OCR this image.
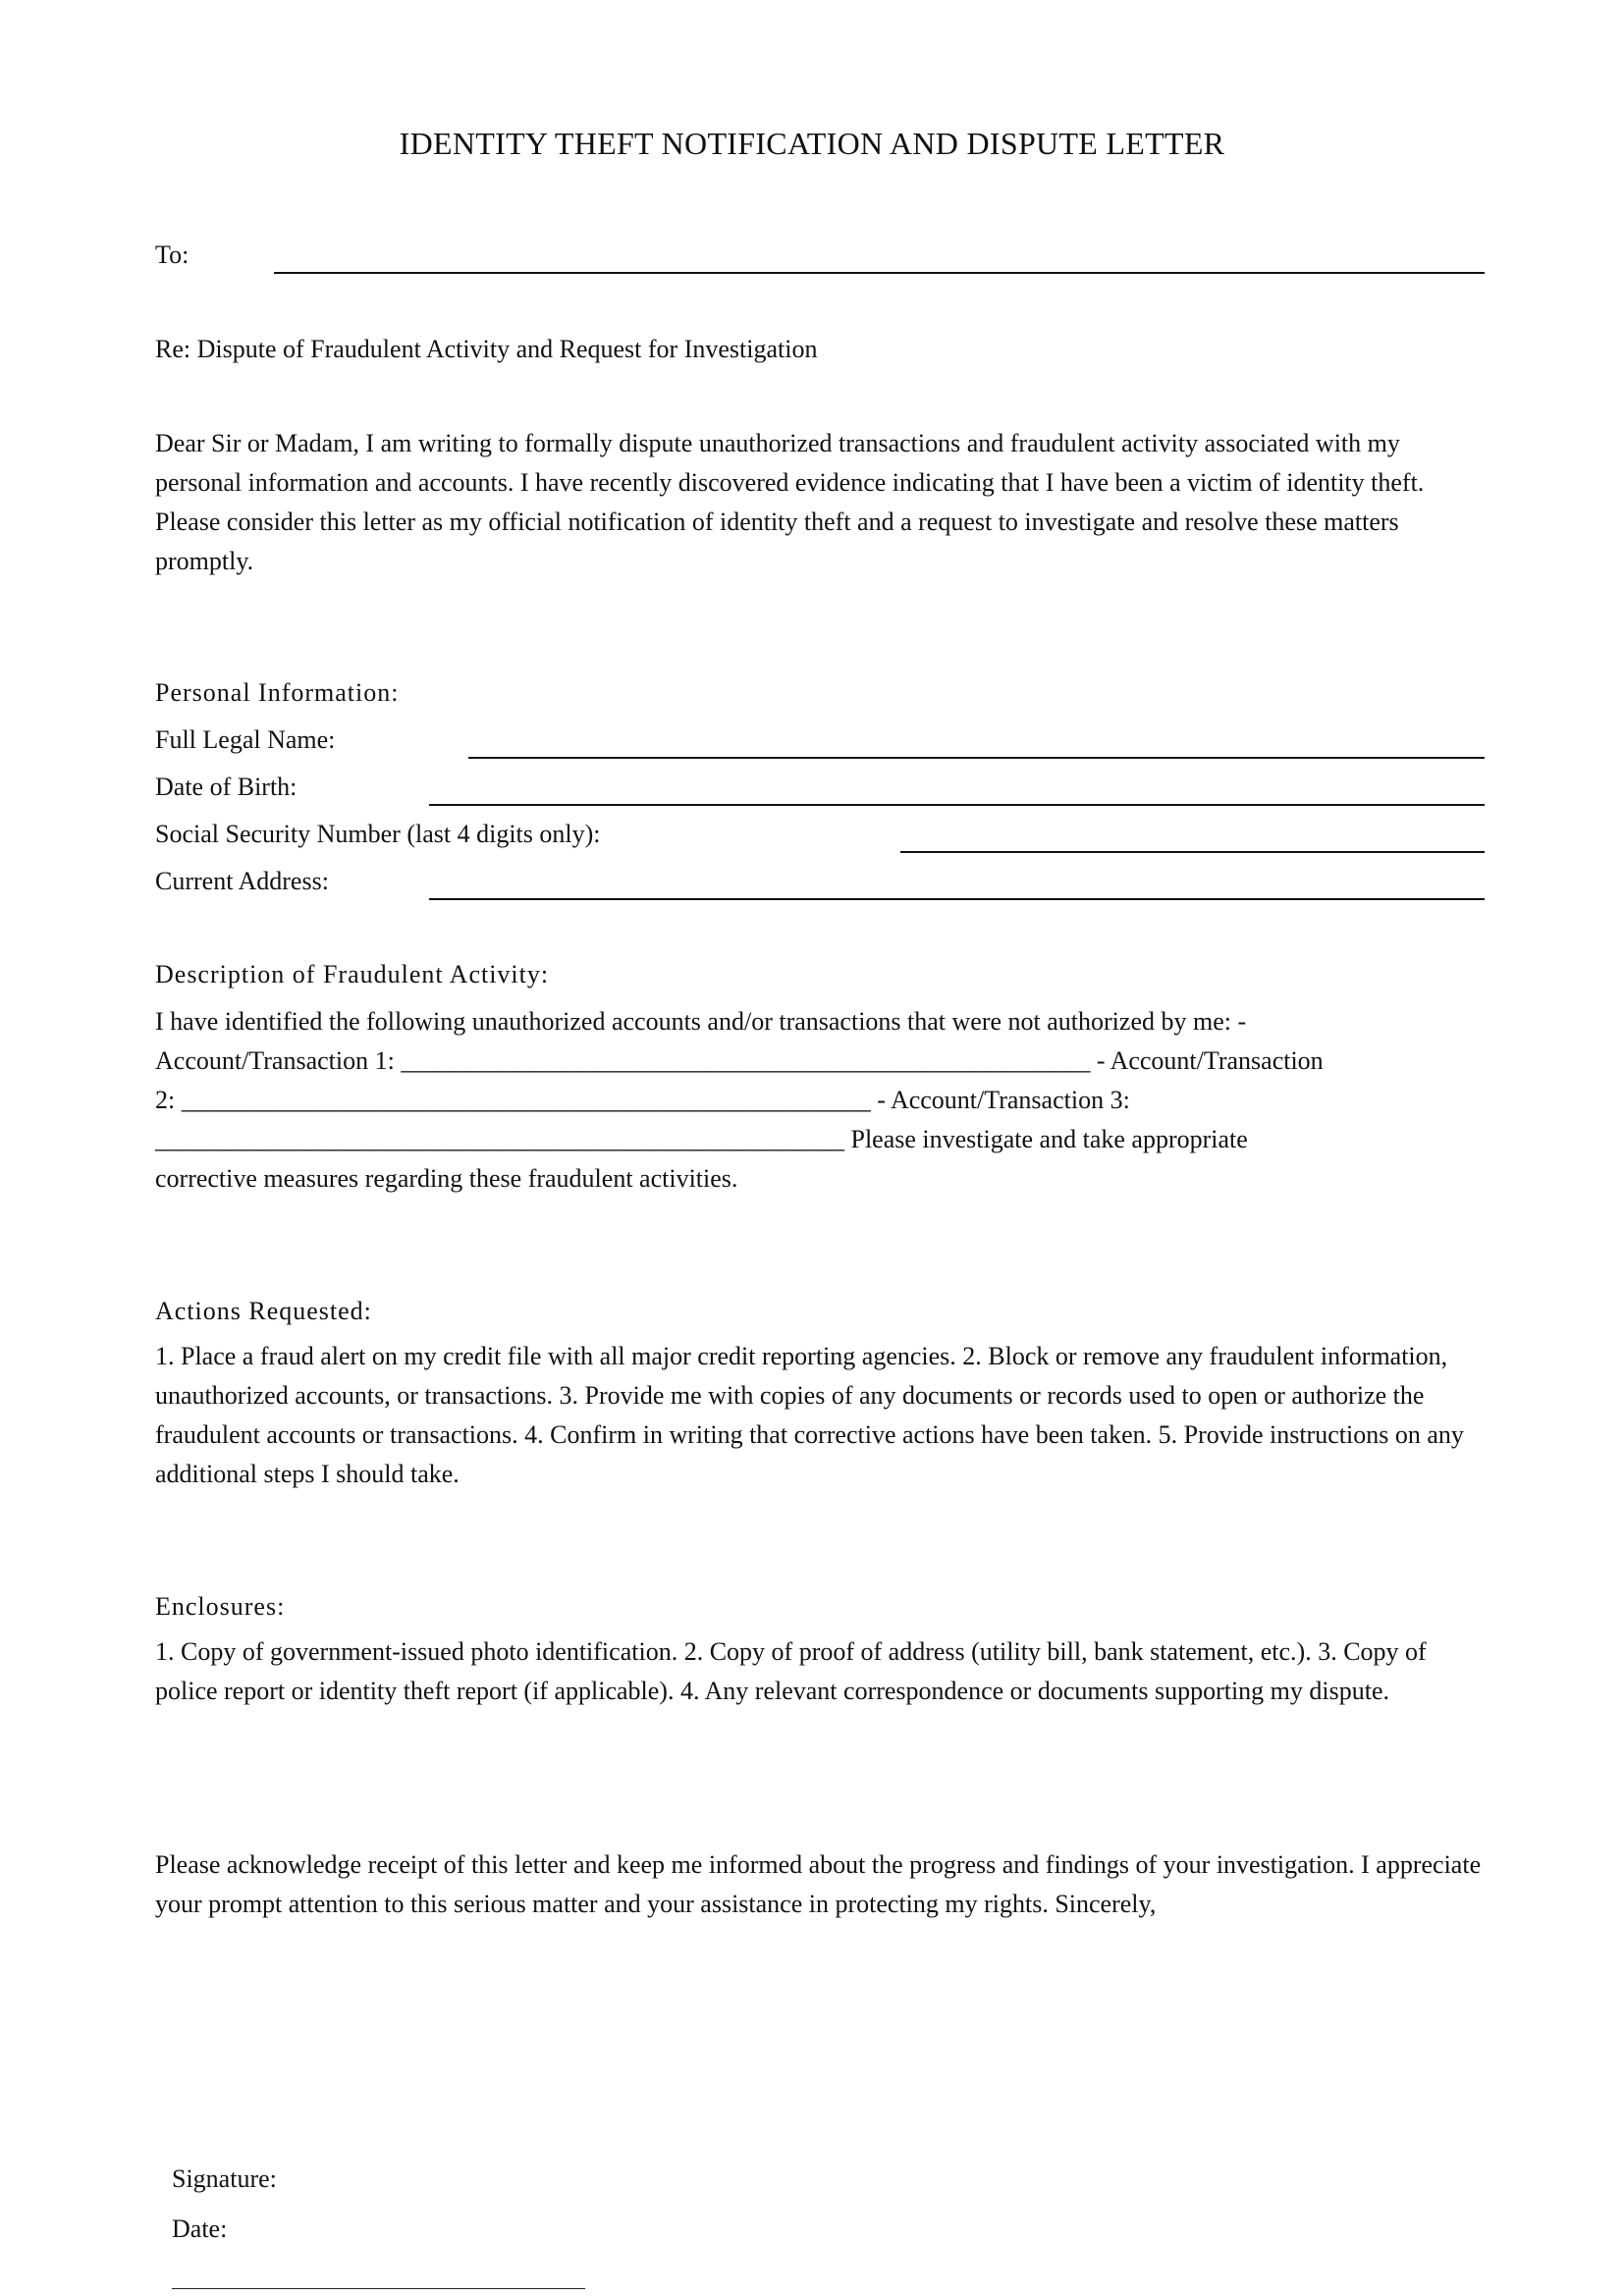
IDENTITY THEFT NOTIFICATION AND DISPUTE LETTER
To:
Re: Dispute of Fraudulent Activity and Request for Investigation
Dear Sir or Madam, I am writing to formally dispute unauthorized transactions and fraudulent activity associated with my personal information and accounts. I have recently discovered evidence indicating that I have been a victim of identity theft. Please consider this letter as my official notification of identity theft and a request to investigate and resolve these matters promptly.
Personal Information:
Full Legal Name:
Date of Birth:
Social Security Number (last 4 digits only):
Current Address:
Description of Fraudulent Activity:
I have identified the following unauthorized accounts and/or transactions that were not authorized by me: -
Account/Transaction 1: ______________________________________________________ - Account/Transaction
2: ______________________________________________________ - Account/Transaction 3:
______________________________________________________ Please investigate and take appropriate
corrective measures regarding these fraudulent activities.
Actions Requested:
1. Place a fraud alert on my credit file with all major credit reporting agencies. 2. Block or remove any fraudulent information, unauthorized accounts, or transactions. 3. Provide me with copies of any documents or records used to open or authorize the fraudulent accounts or transactions. 4. Confirm in writing that corrective actions have been taken. 5. Provide instructions on any additional steps I should take.
Enclosures:
1. Copy of government-issued photo identification. 2. Copy of proof of address (utility bill, bank statement, etc.). 3. Copy of police report or identity theft report (if applicable). 4. Any relevant correspondence or documents supporting my dispute.
Please acknowledge receipt of this letter and keep me informed about the progress and findings of your investigation. I appreciate your prompt attention to this serious matter and your assistance in protecting my rights. Sincerely,
Signature:
Date:
